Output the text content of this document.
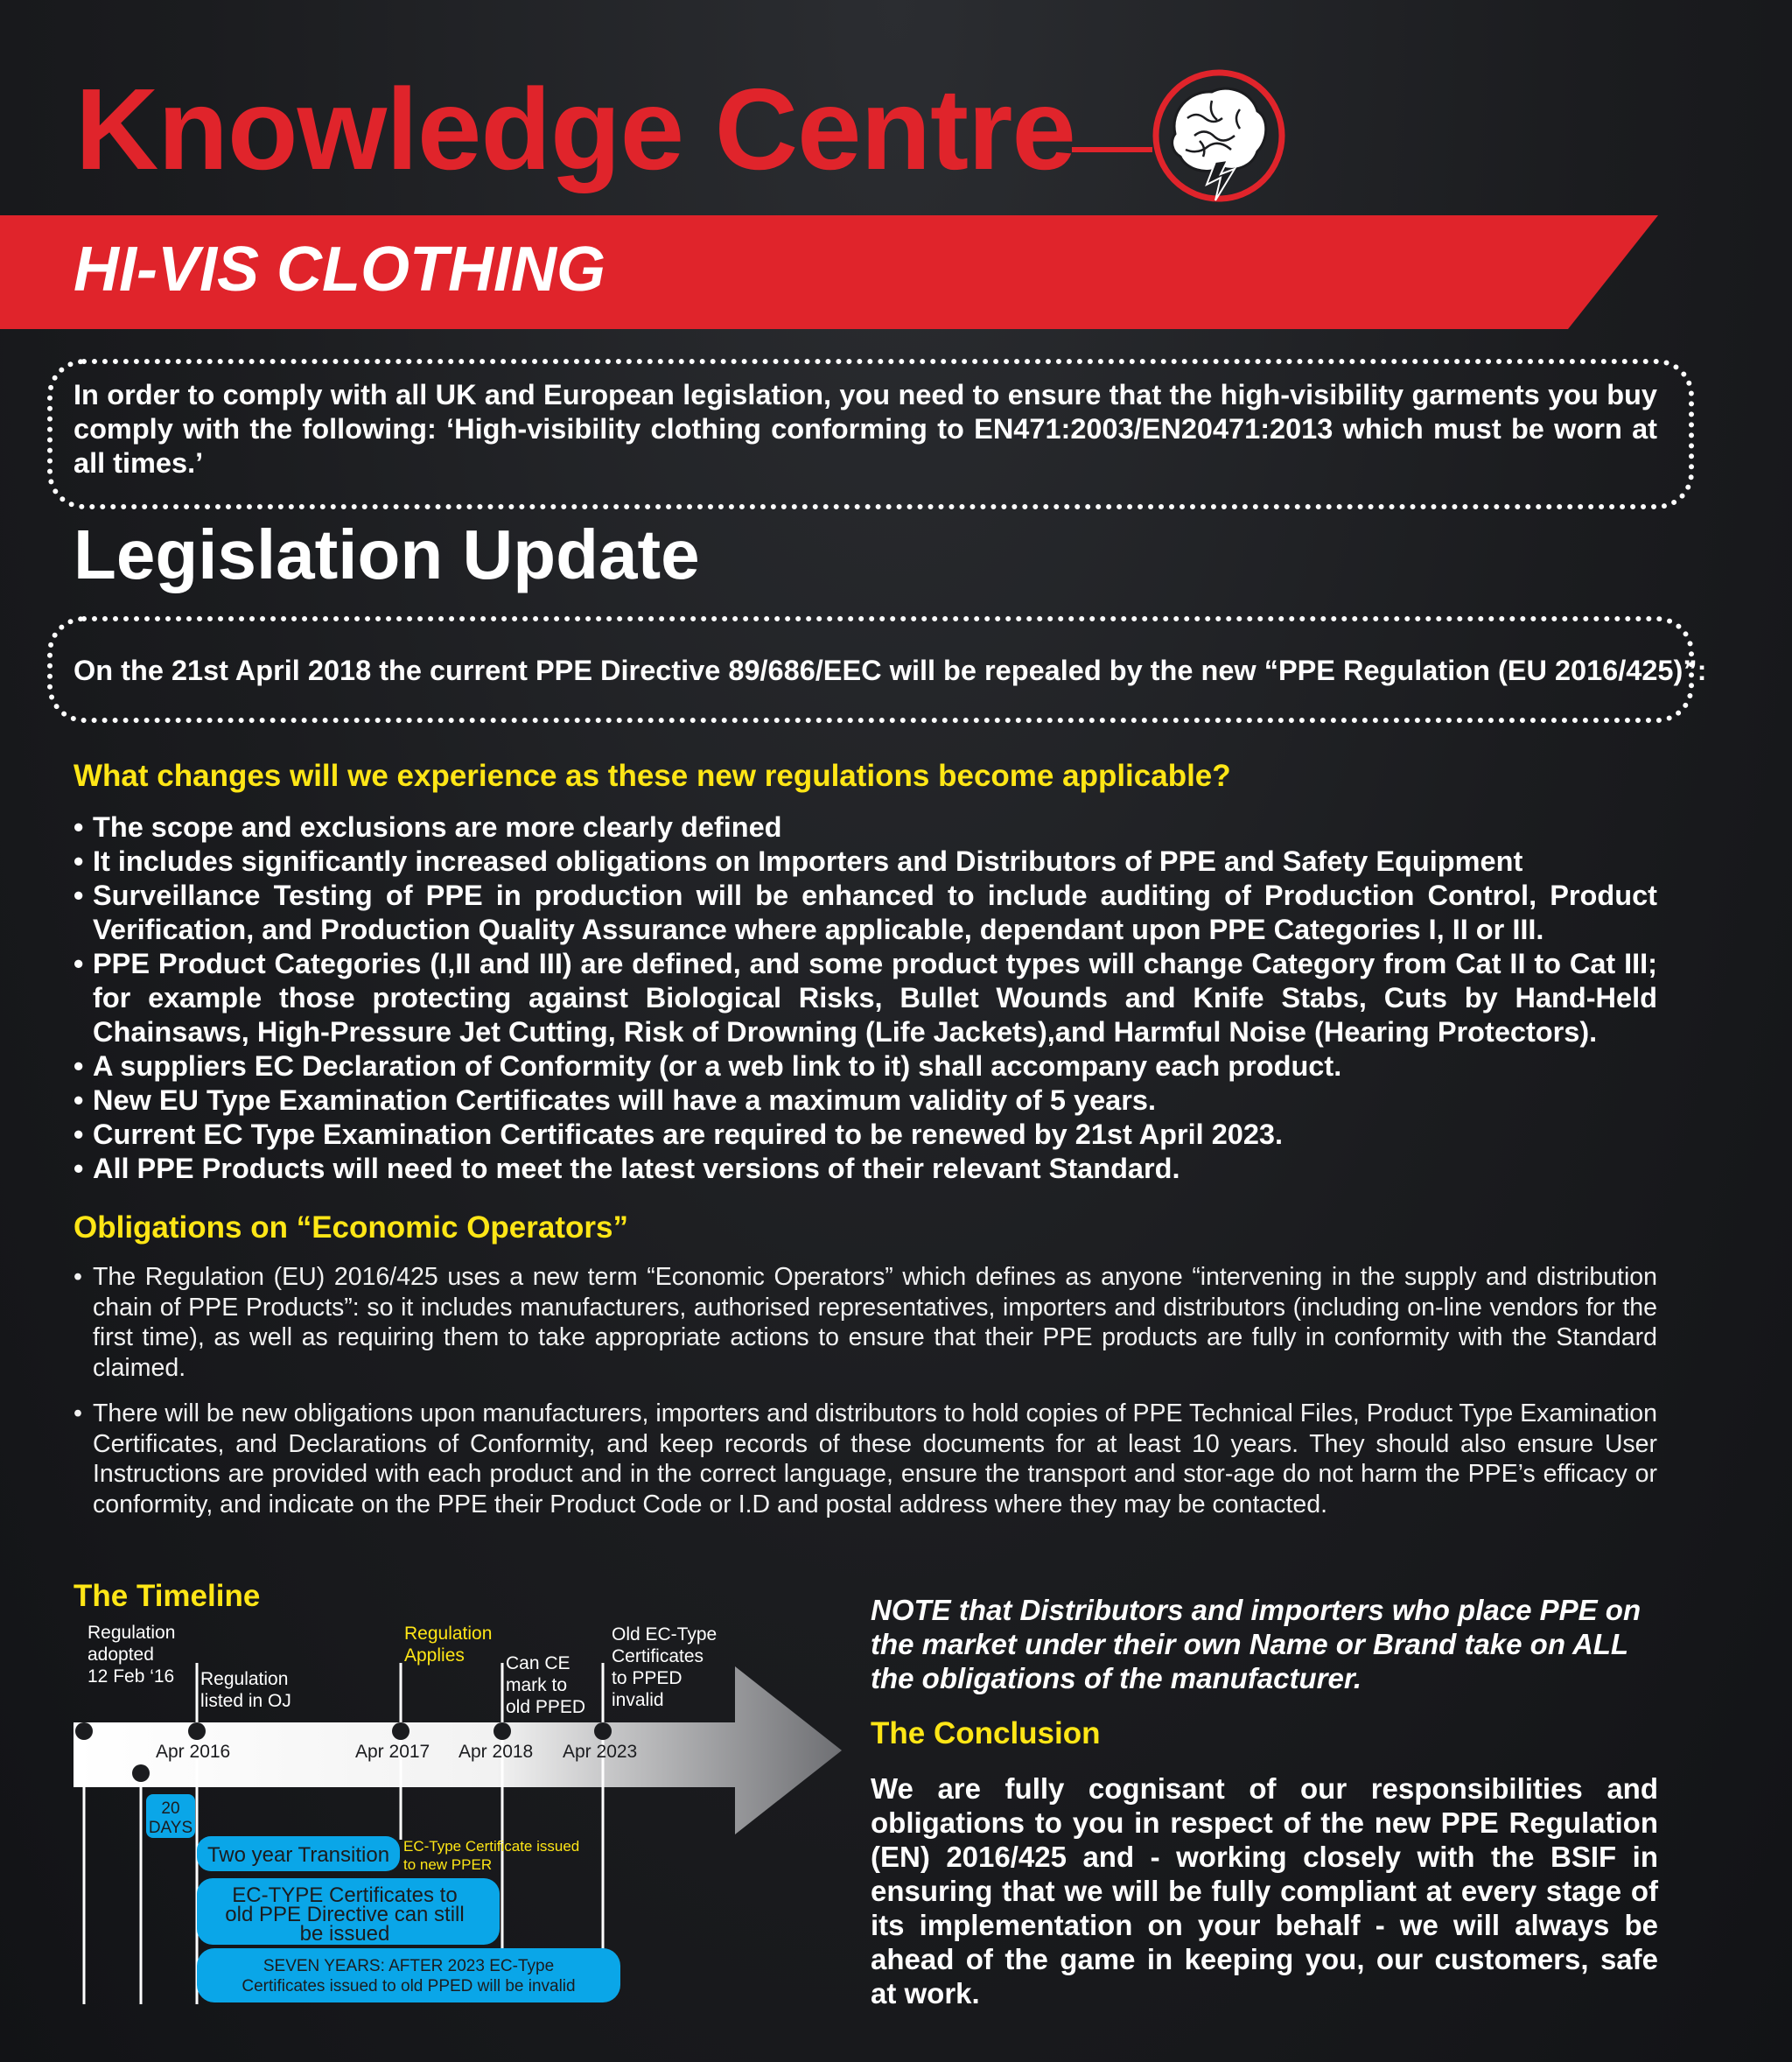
Knowledge Centre
HI-VIS CLOTHING
In order to comply with all UK and European legislation, you need to ensure that the high-visibility garments you buy comply with the following: ‘High-visibility clothing conforming to EN471:2003/EN20471:2013 which must be worn at all times.’
Legislation Update
On the 21st April 2018 the current PPE Directive 89/686/EEC will be repealed by the new “PPE Regulation (EU 2016/425)”:
What changes will we experience as these new regulations become applicable?
• The scope and exclusions are more clearly defined
• It includes significantly increased obligations on Importers and Distributors of PPE and Safety Equipment
• Surveillance Testing of PPE in production will be enhanced to include auditing of Production Control, Product Verification, and Production Quality Assurance where applicable, dependant upon PPE Categories I, II or III.
• PPE Product Categories (I,II and III) are defined, and some product types will change Category from Cat II to Cat III; for example those protecting against Biological Risks, Bullet Wounds and Knife Stabs, Cuts by Hand-Held Chainsaws, High-Pressure Jet Cutting, Risk of Drowning (Life Jackets),and Harmful Noise (Hearing Protectors).
• A suppliers EC Declaration of Conformity (or a web link to it) shall accompany each product.
• New EU Type Examination Certificates will have a maximum validity of 5 years.
• Current EC Type Examination Certificates are required to be renewed by 21st April 2023.
• All PPE Products will need to meet the latest versions of their relevant Standard.
Obligations on “Economic Operators”
• The Regulation (EU) 2016/425 uses a new term “Economic Operators” which defines as anyone “intervening in the supply and distribution chain of PPE Products”: so it includes manufacturers, authorised representatives, importers and distributors (including on-line vendors for the first time), as well as requiring them to take appropriate actions to ensure that their PPE products are fully in conformity with the Standard claimed.
• There will be new obligations upon manufacturers, importers and distributors to hold copies of PPE Technical Files, Product Type Examination Certificates, and Declarations of Conformity, and keep records of these documents for at least 10 years. They should also ensure User Instructions are provided with each product and in the correct language, ensure the transport and stor-age do not harm the PPE’s efficacy or conformity, and indicate on the PPE their Product Code or I.D and postal address where they may be contacted.
The Timeline
Regulation
adopted
12 Feb ‘16 Regulation
listed in OJ
Regulation
Applies Can CE
mark to
old PPED
Old EC-Type
Certificates
to PPED
invalid
Apr 2016	Apr 2017 Apr 2018 Apr 2023
20
DAYS
Two year Transition EC-Type Certificate issued
to new PPER
EC-TYPE Certificates to
old PPE Directive can still
be issued
SEVEN YEARS: AFTER 2023 EC-Type
Certificates issued to old PPED will be invalid
NOTE that Distributors and importers who place PPE on the market under their own Name or Brand take on ALL the obligations of the manufacturer.
The Conclusion
We are fully cognisant of our responsibilities and obligations to you in respect of the new PPE Regulation (EN) 2016/425 and - working closely with the BSIF in ensuring that we will be fully compliant at every stage of its implementation on your behalf - we will always be ahead of the game in keeping you, our customers, safe at work.
